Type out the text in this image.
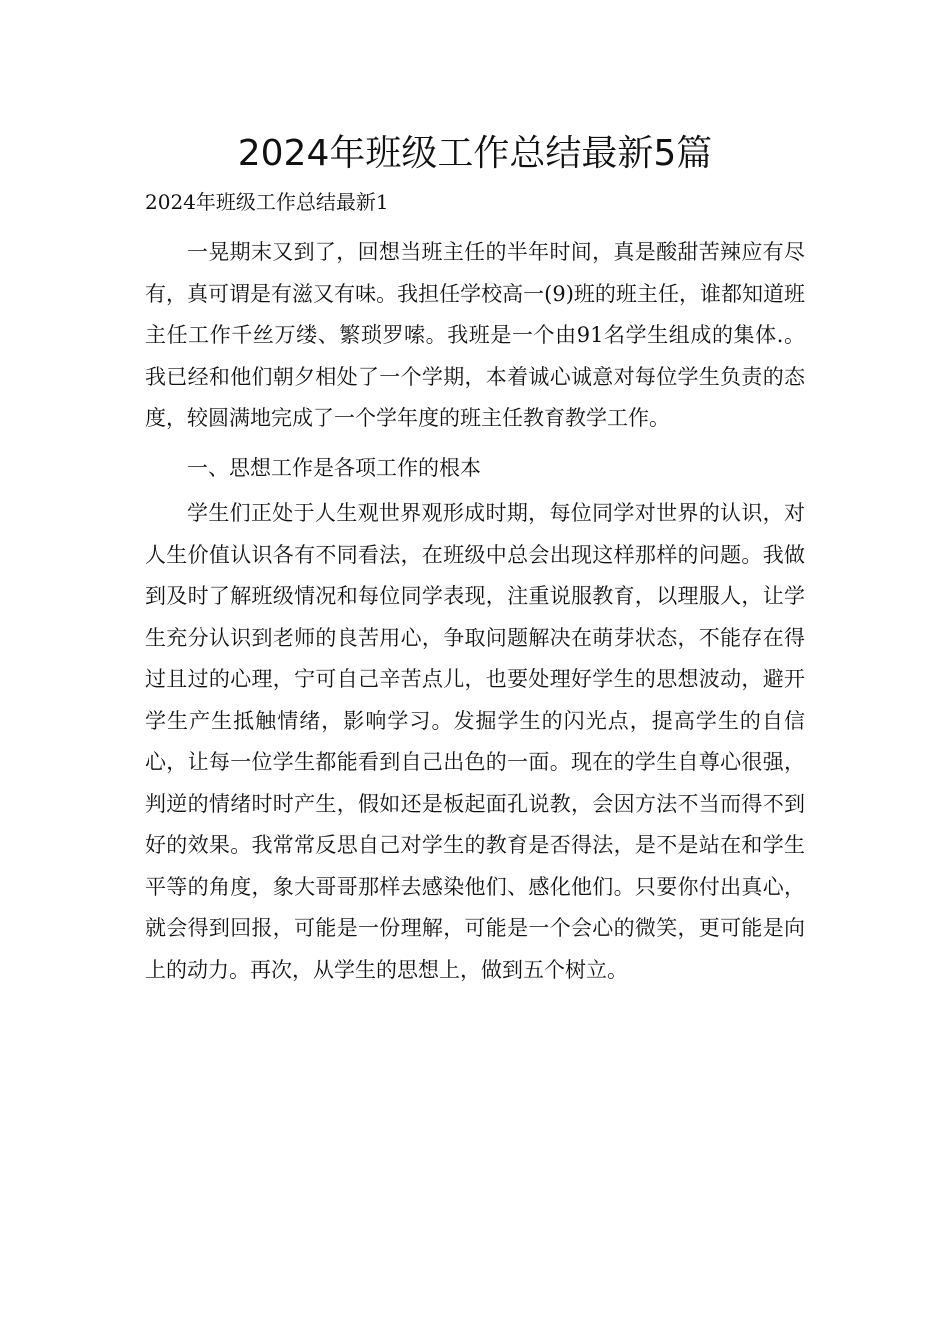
2024年班级工作总结最新5篇

2024年班级工作总结最新1

一晃期末又到了，回想当班主任的半年时间，真是酸甜苦辣应有尽有，真可谓是有滋又有味。我担任学校高一(9)班的班主任，谁都知道班主任工作千丝万缕、繁琐罗嗦。我班是一个由91名学生组成的集体.。我已经和他们朝夕相处了一个学期，本着诚心诚意对每位学生负责的态度，较圆满地完成了一个学年度的班主任教育教学工作。

一、思想工作是各项工作的根本

学生们正处于人生观世界观形成时期，每位同学对世界的认识，对人生价值认识各有不同看法，在班级中总会出现这样那样的问题。我做到及时了解班级情况和每位同学表现，注重说服教育，以理服人，让学生充分认识到老师的良苦用心，争取问题解决在萌芽状态，不能存在得过且过的心理，宁可自己辛苦点儿，也要处理好学生的思想波动，避开学生产生抵触情绪，影响学习。发掘学生的闪光点，提高学生的自信心，让每一位学生都能看到自己出色的一面。现在的学生自尊心很强，判逆的情绪时时产生，假如还是板起面孔说教，会因方法不当而得不到好的效果。我常常反思自己对学生的教育是否得法，是不是站在和学生平等的角度，象大哥哥那样去感染他们、感化他们。只要你付出真心，就会得到回报，可能是一份理解，可能是一个会心的微笑，更可能是向上的动力。再次，从学生的思想上，做到五个树立。
